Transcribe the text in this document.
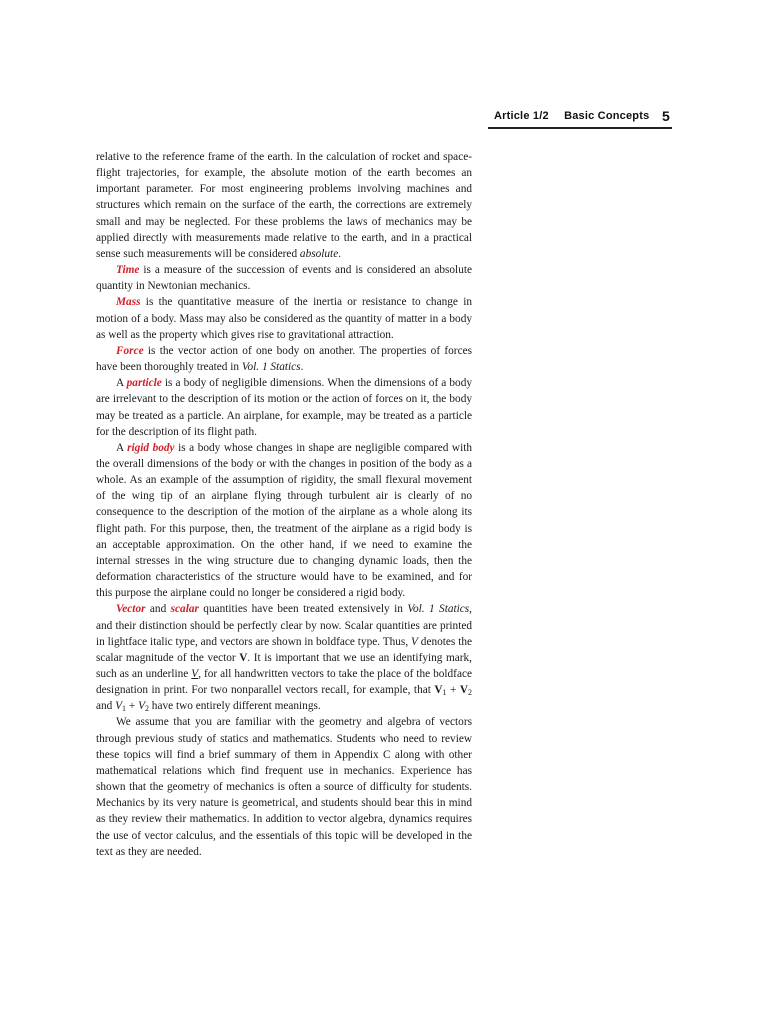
Article 1/2 Basic Concepts 5

relative to the reference frame of the earth. In the calculation of rocket and space-flight trajectories, for example, the absolute motion of the earth becomes an important parameter. For most engineering problems involving machines and structures which remain on the surface of the earth, the corrections are extremely small and may be neglected. For these problems the laws of mechanics may be applied directly with measurements made relative to the earth, and in a practical sense such measurements will be considered absolute.

Time is a measure of the succession of events and is considered an absolute quantity in Newtonian mechanics.

Mass is the quantitative measure of the inertia or resistance to change in motion of a body. Mass may also be considered as the quantity of matter in a body as well as the property which gives rise to gravitational attraction.

Force is the vector action of one body on another. The properties of forces have been thoroughly treated in Vol. 1 Statics.

A particle is a body of negligible dimensions. When the dimensions of a body are irrelevant to the description of its motion or the action of forces on it, the body may be treated as a particle. An airplane, for example, may be treated as a particle for the description of its flight path.

A rigid body is a body whose changes in shape are negligible compared with the overall dimensions of the body or with the changes in position of the body as a whole. As an example of the assumption of rigidity, the small flexural movement of the wing tip of an airplane flying through turbulent air is clearly of no consequence to the description of the motion of the airplane as a whole along its flight path. For this purpose, then, the treatment of the airplane as a rigid body is an acceptable approximation. On the other hand, if we need to examine the internal stresses in the wing structure due to changing dynamic loads, then the deformation characteristics of the structure would have to be examined, and for this purpose the airplane could no longer be considered a rigid body.

Vector and scalar quantities have been treated extensively in Vol. 1 Statics, and their distinction should be perfectly clear by now. Scalar quantities are printed in lightface italic type, and vectors are shown in boldface type. Thus, V denotes the scalar magnitude of the vector V. It is important that we use an identifying mark, such as an underline V, for all handwritten vectors to take the place of the boldface designation in print. For two nonparallel vectors recall, for example, that $V_1 + V_2$ and $V_1 + V_2$ have two entirely different meanings.

We assume that you are familiar with the geometry and algebra of vectors through previous study of statics and mathematics. Students who need to review these topics will find a brief summary of them in Appendix C along with other mathematical relations which find frequent use in mechanics. Experience has shown that the geometry of mechanics is often a source of difficulty for students. Mechanics by its very nature is geometrical, and students should bear this in mind as they review their mathematics. In addition to vector algebra, dynamics requires the use of vector calculus, and the essentials of this topic will be developed in the text as they are needed.
